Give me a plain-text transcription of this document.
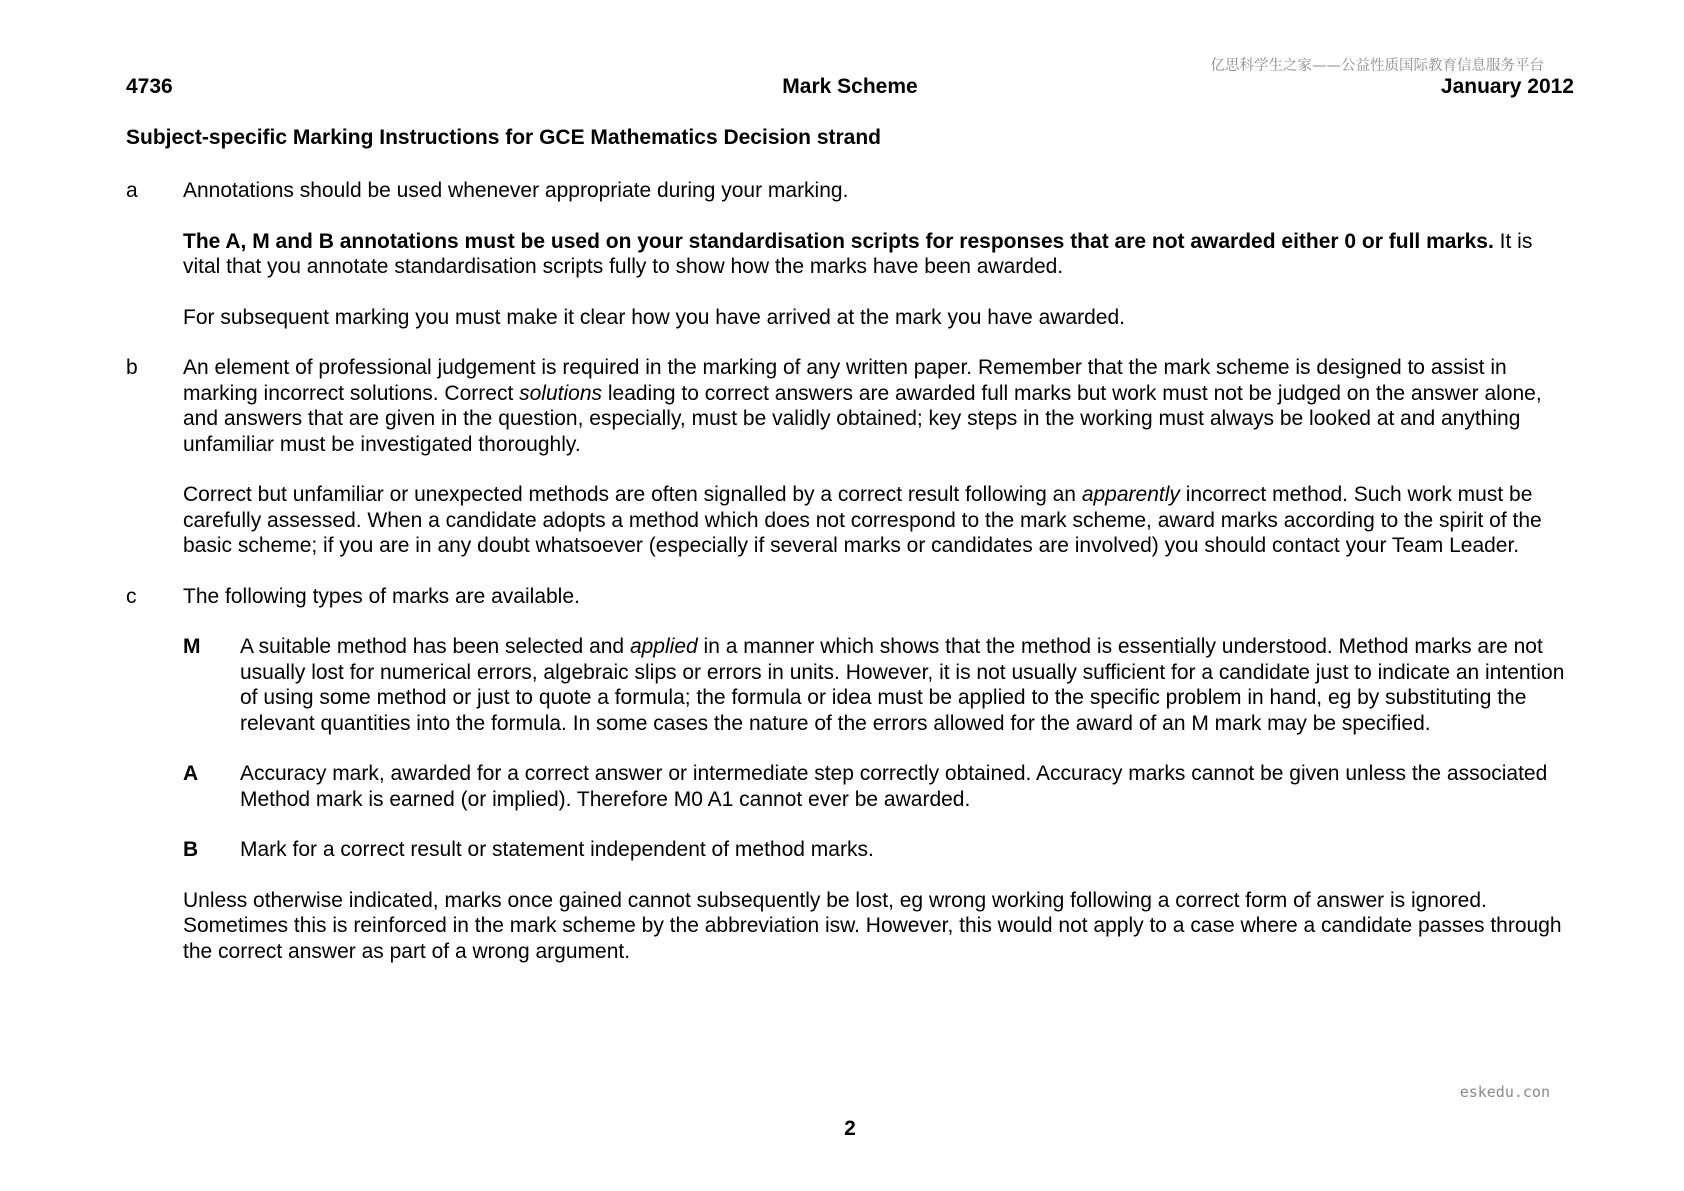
亿思科学生之家——公益性质国际教育信息服务平台
4736	Mark Scheme	January 2012
Subject-specific Marking Instructions for GCE Mathematics Decision strand
a Annotations should be used whenever appropriate during your marking.

The A, M and B annotations must be used on your standardisation scripts for responses that are not awarded either 0 or full marks. It is vital that you annotate standardisation scripts fully to show how the marks have been awarded.

For subsequent marking you must make it clear how you have arrived at the mark you have awarded.

b An element of professional judgement is required in the marking of any written paper. Remember that the mark scheme is designed to assist in marking incorrect solutions. Correct solutions leading to correct answers are awarded full marks but work must not be judged on the answer alone, and answers that are given in the question, especially, must be validly obtained; key steps in the working must always be looked at and anything unfamiliar must be investigated thoroughly.

Correct but unfamiliar or unexpected methods are often signalled by a correct result following an apparently incorrect method. Such work must be carefully assessed. When a candidate adopts a method which does not correspond to the mark scheme, award marks according to the spirit of the basic scheme; if you are in any doubt whatsoever (especially if several marks or candidates are involved) you should contact your Team Leader.

c The following types of marks are available.

M A suitable method has been selected and applied in a manner which shows that the method is essentially understood. Method marks are not usually lost for numerical errors, algebraic slips or errors in units. However, it is not usually sufficient for a candidate just to indicate an intention of using some method or just to quote a formula; the formula or idea must be applied to the specific problem in hand, eg by substituting the relevant quantities into the formula. In some cases the nature of the errors allowed for the award of an M mark may be specified.
A Accuracy mark, awarded for a correct answer or intermediate step correctly obtained. Accuracy marks cannot be given unless the associated Method mark is earned (or implied). Therefore M0 A1 cannot ever be awarded.
B Mark for a correct result or statement independent of method marks.

Unless otherwise indicated, marks once gained cannot subsequently be lost, eg wrong working following a correct form of answer is ignored. Sometimes this is reinforced in the mark scheme by the abbreviation isw. However, this would not apply to a case where a candidate passes through the correct answer as part of a wrong argument.

eskedu.con
2
